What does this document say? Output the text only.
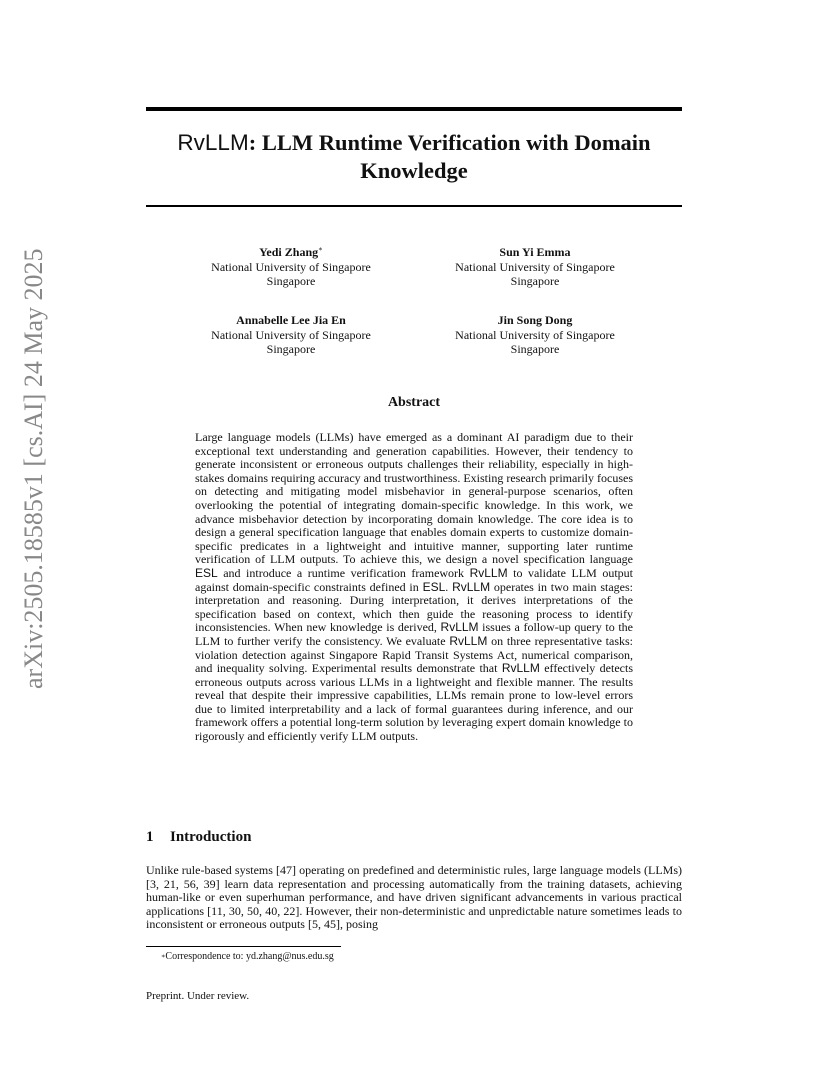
arXiv:2505.18585v1 [cs.AI] 24 May 2025
RvLLM: LLM Runtime Verification with Domain
Knowledge
Yedi Zhang∗
National University of Singapore
Singapore
Sun Yi Emma
National University of Singapore
Singapore
Annabelle Lee Jia En
National University of Singapore
Singapore
Jin Song Dong
National University of Singapore
Singapore
Abstract

Large language models (LLMs) have emerged as a dominant AI paradigm due to their exceptional text understanding and generation capabilities. However, their tendency to generate inconsistent or erroneous outputs challenges their reliability, especially in high-stakes domains requiring accuracy and trustworthiness. Existing research primarily focuses on detecting and mitigating model misbehavior in general-purpose scenarios, often overlooking the potential of integrating domain-specific knowledge. In this work, we advance misbehavior detection by incorporating domain knowledge. The core idea is to design a general specification language that enables domain experts to customize domain-specific predicates in a lightweight and intuitive manner, supporting later runtime verification of LLM outputs. To achieve this, we design a novel specification language ESL and introduce a runtime verification framework RvLLM to validate LLM output against domain-specific constraints defined in ESL. RvLLM operates in two main stages: interpretation and reasoning. During interpretation, it derives interpretations of the specification based on context, which then guide the reasoning process to identify inconsistencies. When new knowledge is derived, RvLLM issues a follow-up query to the LLM to further verify the consistency. We evaluate RvLLM on three representative tasks: violation detection against Singapore Rapid Transit Systems Act, numerical comparison, and inequality solving. Experimental results demonstrate that RvLLM effectively detects erroneous outputs across various LLMs in a lightweight and flexible manner. The results reveal that despite their impressive capabilities, LLMs remain prone to low-level errors due to limited interpretability and a lack of formal guarantees during inference, and our framework offers a potential long-term solution by leveraging expert domain knowledge to rigorously and efficiently verify LLM outputs.

1 Introduction

Unlike rule-based systems [47] operating on predefined and deterministic rules, large language models (LLMs) [3, 21, 56, 39] learn data representation and processing automatically from the training datasets, achieving human-like or even superhuman performance, and have driven significant advancements in various practical applications [11, 30, 50, 40, 22]. However, their non-deterministic and unpredictable nature sometimes leads to inconsistent or erroneous outputs [5, 45], posing

∗Correspondence to: yd.zhang@nus.edu.sg
Preprint. Under review.
